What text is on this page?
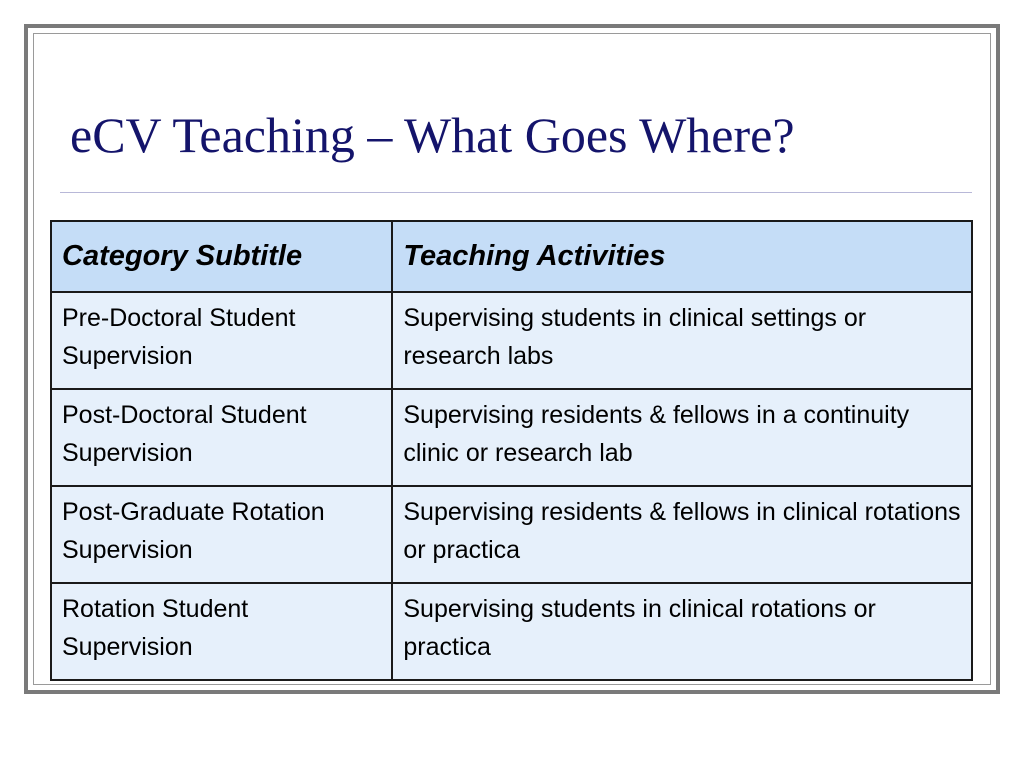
eCV Teaching – What Goes Where?
Category Subtitle	Teaching Activities
Pre-Doctoral Student Supervision	Supervising students in clinical settings or research labs
Post-Doctoral Student Supervision	Supervising residents & fellows in a continuity clinic or research lab
Post-Graduate Rotation Supervision	Supervising residents & fellows in clinical rotations or practica
Rotation Student Supervision	Supervising students in clinical rotations or practica
